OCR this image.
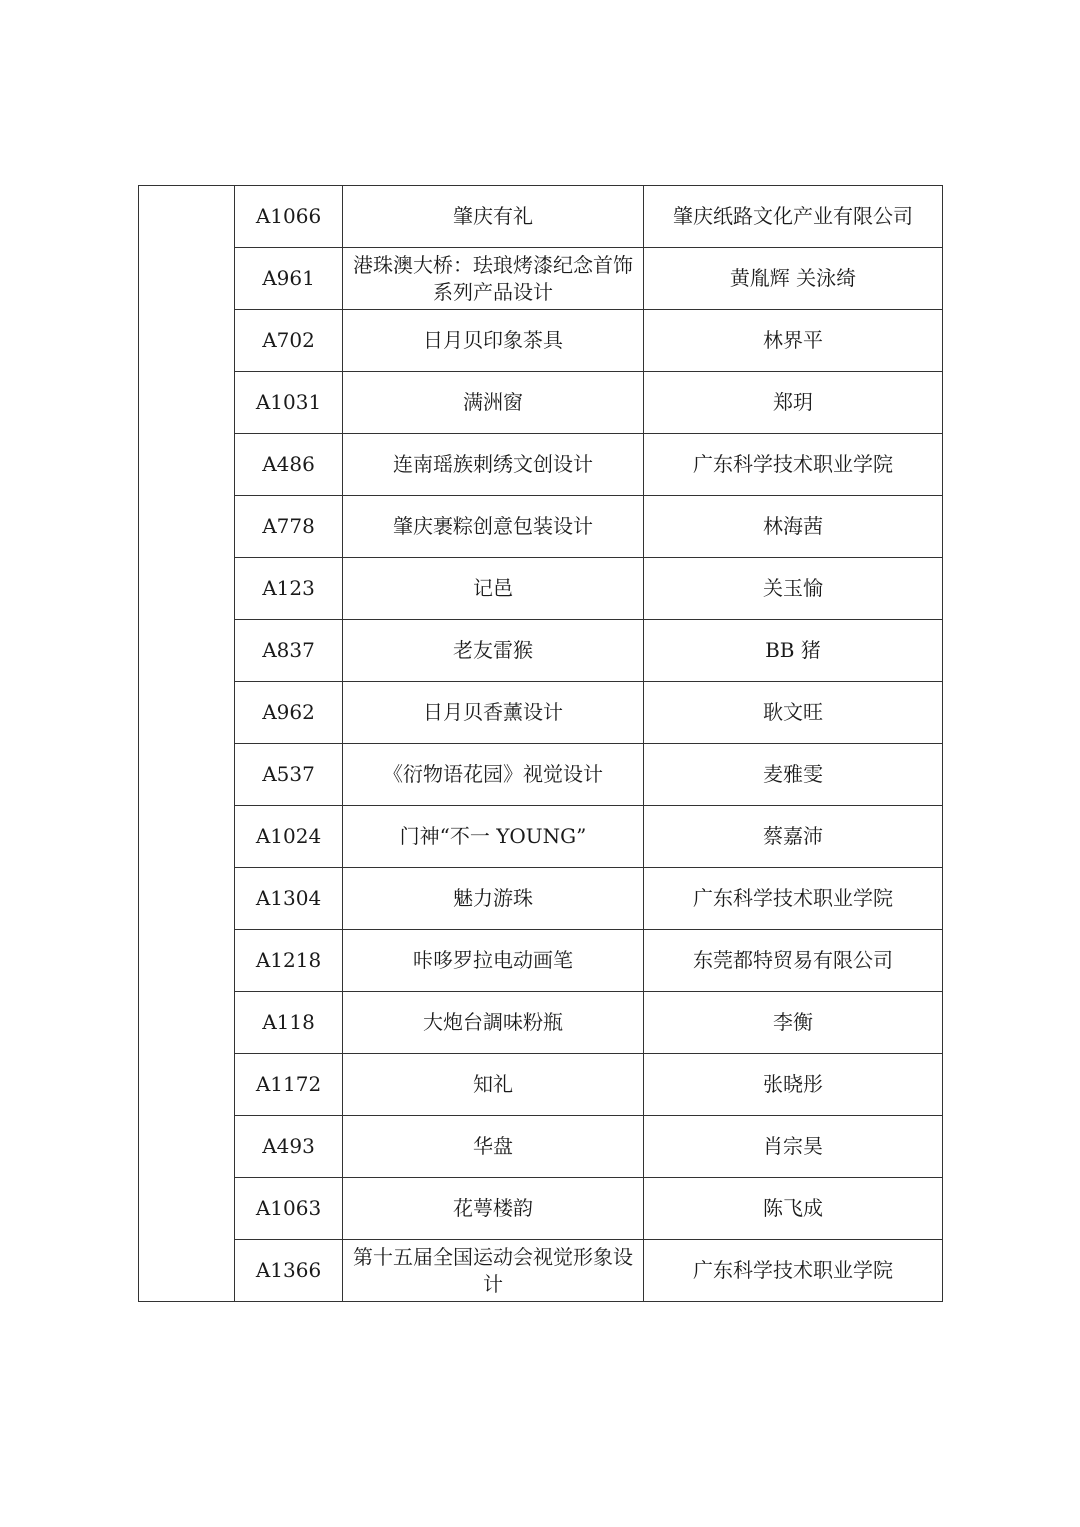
	A1066	肇庆有礼	肇庆纸路文化产业有限公司
	A961	港珠澳大桥：珐琅烤漆纪念首饰系列产品设计	黄胤辉 关泳绮
	A702	日月贝印象茶具	林界平
	A1031	满洲窗	郑玥
	A486	连南瑶族刺绣文创设计	广东科学技术职业学院
	A778	肇庆裹粽创意包装设计	林海茜
	A123	记邑	关玉愉
	A837	老友雷猴	BB 猪
	A962	日月贝香薰设计	耿文旺
	A537	《衍物语花园》视觉设计	麦雅雯
	A1024	门神“不一 YOUNG”	蔡嘉沛
	A1304	魅力游珠	广东科学技术职业学院
	A1218	咔哆罗拉电动画笔	东莞都特贸易有限公司
	A118	大炮台調味粉瓶	李衡
	A1172	知礼	张晓彤
	A493	华盘	肖宗昊
	A1063	花萼楼韵	陈飞成
	A1366	第十五届全国运动会视觉形象设计	广东科学技术职业学院
